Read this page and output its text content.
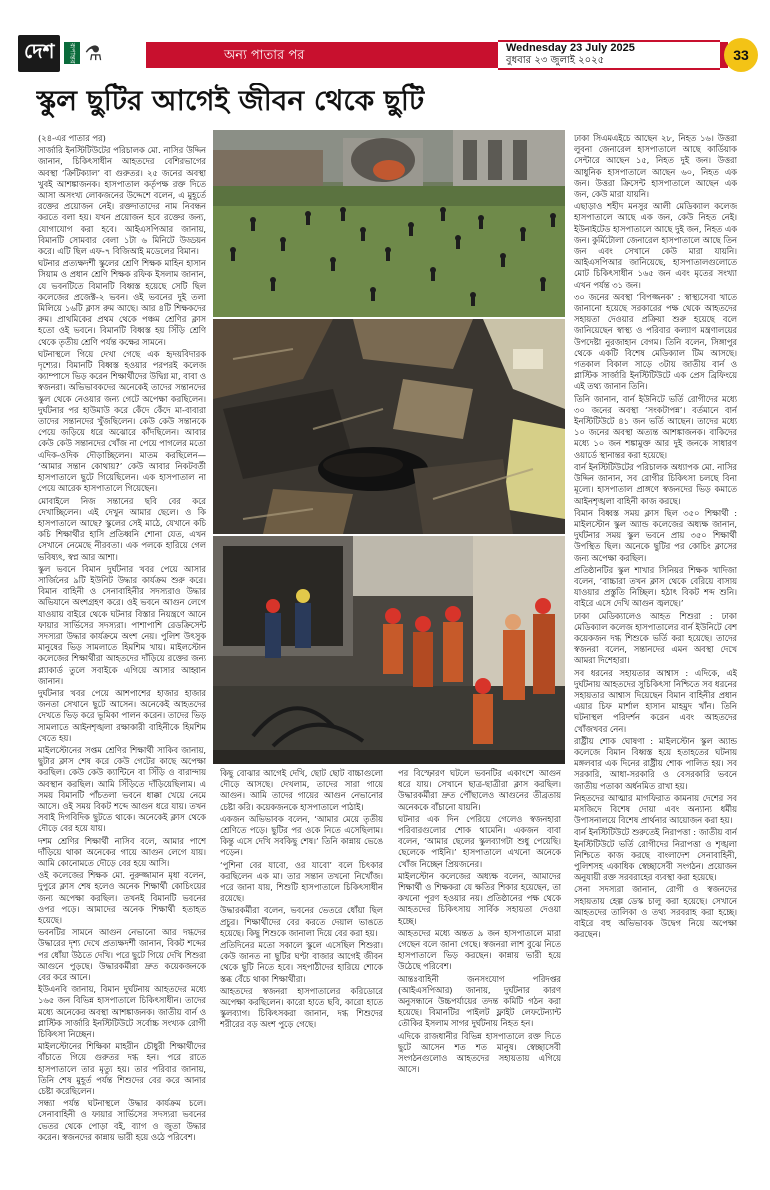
দেশ	রূপান্তর ⚗	অন্য পাতার পর	Wednesday 23 July 2025
বুধবার ২৩ জুলাই ২০২৫	33
স্কুল ছুটির আগেই জীবন থেকে ছুটি

(২৪-এর পাতার পর)

সার্জারি ইনস্টিটিউটের পরিচালক মো. নাসির উদ্দিন জানান, চিকিৎসাধীন আহতদের বেশিরভাগের অবস্থা ‘ক্রিটিক্যাল’ বা গুরুতর। ২৫ জনের অবস্থা খুবই আশঙ্কাজনক। হাসপাতাল কর্তৃপক্ষ রক্ত দিতে আসা অসংখ্য লোকজনের উদ্দেশে বলেন, এ মুহূর্তে রক্তের প্রয়োজন নেই। রক্তদাতাদের নাম নিবন্ধন করতে বলা হয়। যখন প্রয়োজন হবে রক্তের জন্য, যোগাযোগ করা হবে। আইএসপিআর জানায়, বিমানটি সোমবার বেলা ১টা ৬ মিনিটে উড্ডয়ন করে। এটি ছিল এফ-৭ বিজিআই মডেলের বিমান।

ঘটনার প্রত্যক্ষদর্শী স্কুলের শ্রেণি শিক্ষক মাহিন হাসান সিয়াম ও প্রধান শ্রেণি শিক্ষক রফিক ইসলাম জানান, যে ভবনটিতে বিমানটি বিধ্বস্ত হয়েছে সেটি ছিল কলেজের প্রজেক্ট-২ ভবন। ওই ভবনের দুই তলা মিলিয়ে ১৬টি ক্লাস রুম আছে। আর ৪টি শিক্ষকদের রুম। প্রাথমিকের প্রথম থেকে পঞ্চম শ্রেণির ক্লাস হতো ওই ভবনে। বিমানটি বিধ্বস্ত হয় সিঁড়ি শ্রেণি থেকে তৃতীয় শ্রেণি পর্যন্ত কক্ষের সামনে।

ঘটনাস্থলে গিয়ে দেখা গেছে এক হৃদয়বিদারক দৃশ্যের। বিমানটি বিধ্বস্ত হওয়ার পরপরই কলেজ ক্যাম্পাসে ভিড় করেন শিক্ষার্থীদের উদ্বিগ্ন মা, বাবা ও স্বজনরা। অভিভাবকদের অনেকেই তাদের সন্তানদের স্কুল থেকে নেওয়ার জন্য গেটে অপেক্ষা করছিলেন। দুর্ঘটনার পর হাউমাউ করে কেঁদে কেঁদে মা-বাবারা তাদের সন্তানদের খুঁজছিলেন। কেউ কেউ সন্তানকে পেয়ে জড়িয়ে ধরে অঝোরে কাঁদছিলেন। আবার কেউ কেউ সন্তানদের খোঁজ না পেয়ে পাগলের মতো এদিক-ওদিক দৌড়াচ্ছিলেন। মাতম করছিলেন— ‘আমার সন্তান কোথায়?’ কেউ আবার নিকটবর্তী হাসপাতালে ছুটে গিয়েছিলেন। এক হাসপাতাল না পেয়ে আরেক হাসপাতালে গিয়েছেন।

মোবাইলে নিজ সন্তানের ছবি বের করে দেখাচ্ছিলেন। এই দেখুন আমার ছেলে। ও কি হাসপাতালে আছে? স্কুলের সেই মাঠে, যেখানে কচি কচি শিক্ষার্থীর হাসি প্রতিধ্বনি শোনা যেত, এখন সেখানে নেমেছে নীরবতা। এক পলকে হারিয়ে গেল ভবিষ্যৎ, স্বপ্ন আর আশা।

স্কুল ভবনে বিমান দুর্ঘটনার খবর পেয়ে আসার সার্জিনের ৯টি ইউনিট উদ্ধার কার্যক্রম শুরু করে। বিমান বাহিনী ও সেনাবাহিনীর সদস্যরাও উদ্ধার অভিযানে অংশগ্রহণ করে। ওই ভবনে আগুন লেগে যাওয়ায় বাইরে থেকে ঘটনার বিস্তার নিয়ন্ত্রণে আনে ফায়ার সার্ভিসের সদস্যরা। পাশাপাশি রেডক্রিসেন্ট সদস্যরা উদ্ধার কার্যক্রমে অংশ নেয়। পুলিশ উৎসুক মানুষের ভিড় সামলাতে হিমশিম খায়। মাইলস্টোন কলেজের শিক্ষার্থীরা আহতদের দাঁড়িয়ে রক্তের জন্য প্ল্যাকার্ড তুলে সবাইকে এগিয়ে আসার আহ্বান জানান।

দুর্ঘটনার খবর পেয়ে আশপাশের হাজার হাজার জনতা সেখানে ছুটে আসেন। অনেকেই আহতদের দেখতে ভিড় করে ভূমিকা পালন করেন। তাদের ভিড় সামলাতে আইনশৃঙ্খলা রক্ষাকারী বাহিনীকে হিমশিম খেতে হয়।

মাইলস্টোনের সপ্তম শ্রেণির শিক্ষার্থী সাকিব জানায়, ছুটার ক্লাস শেষ করে কেউ গেটের কাছে অপেক্ষা করছিল। কেউ কেউ ক্যান্টিনে বা সিঁড়ি ও বারান্দায় অবস্থান করছিল। আমি সিঁড়িতে দাঁড়িয়েছিলাম। এ সময় বিমানটি পাঁচতলা ভবনে ধাক্কা খেয়ে নেমে আসে। ওই সময় বিকট শব্দে আগুন ধরে যায়। তখন সবাই দিগবিদিক ছুটতে থাকে। অনেকেই ক্লাস থেকে দৌড়ে বের হয়ে যায়।

দশম শ্রেণির শিক্ষার্থী নাসিব বলে, আমার পাশে দাঁড়িয়ে থাকা অনেকের গায়ে আগুন লেগে যায়। আমি কোনোমতে দৌড়ে বের হয়ে আসি।

ওই কলেজের শিক্ষক মো. নুরুজ্জামান মৃধা বলেন, দুপুরে ক্লাস শেষ হলেও অনেক শিক্ষার্থী কোচিংয়ের জন্য অপেক্ষা করছিল। তখনই বিমানটি ভবনের ওপর পড়ে। আমাদের অনেক শিক্ষার্থী হতাহত হয়েছে।

ভবনটির সামনে আগুন নেভানো আর দগ্ধদের উদ্ধারের দৃশ্য দেখে প্রত্যক্ষদর্শী জানান, বিকট শব্দের পর ধোঁয়া উঠতে দেখি। পরে ছুটে গিয়ে দেখি শিশুরা আগুনে পুড়ছে। উদ্ধারকর্মীরা দ্রুত কয়েকজনকে বের করে আনে।

ইউএনবি জানায়, বিমান দুর্ঘটনায় আহতদের মধ্যে ১৬৫ জন বিভিন্ন হাসপাতালে চিকিৎসাধীন। তাদের মধ্যে অনেকের অবস্থা আশঙ্কাজনক। জাতীয় বার্ন ও প্লাস্টিক সার্জারি ইনস্টিটিউটে সর্বোচ্চ সংখ্যক রোগী চিকিৎসা নিচ্ছেন।

মাইলস্টোনের শিক্ষিকা মাহরীন চৌধুরী শিক্ষার্থীদের বাঁচাতে গিয়ে গুরুতর দগ্ধ হন। পরে রাতে হাসপাতালে তার মৃত্যু হয়। তার পরিবার জানায়, তিনি শেষ মুহূর্ত পর্যন্ত শিশুদের বের করে আনার চেষ্টা করেছিলেন।

সন্ধ্যা পর্যন্ত ঘটনাস্থলে উদ্ধার কার্যক্রম চলে। সেনাবাহিনী ও ফায়ার সার্ভিসের সদস্যরা ভবনের ভেতর থেকে পোড়া বই, ব্যাগ ও জুতা উদ্ধার করেন। স্বজনদের কান্নায় ভারী হয়ে ওঠে পরিবেশ।

কিছু বোঝার আগেই দেখি, ছোট ছোট বাচ্চাগুলো দৌড়ে আসছে। দেখলাম, তাদের সারা গায়ে আগুন। আমি তাদের গায়ের আগুন নেভানোর চেষ্টা করি। কয়েকজনকে হাসপাতালে পাঠাই।

একজন অভিভাবক বলেন, ‘আমার মেয়ে তৃতীয় শ্রেণিতে পড়ে। ছুটির পর ওকে নিতে এসেছিলাম। কিন্তু এসে দেখি সবকিছু শেষ।’ তিনি কান্নায় ভেঙে পড়েন।

‘পুশিনা বের যাবো, ওর যাবো’ বলে চিৎকার করছিলেন এক মা। তার সন্তান তখনো নিখোঁজ। পরে জানা যায়, শিশুটি হাসপাতালে চিকিৎসাধীন রয়েছে।

উদ্ধারকর্মীরা বলেন, ভবনের ভেতরে ধোঁয়া ছিল প্রচুর। শিক্ষার্থীদের বের করতে দেয়াল ভাঙতে হয়েছে। কিছু শিশুকে জানালা দিয়ে বের করা হয়।

প্রতিদিনের মতো সকালে স্কুলে এসেছিল শিশুরা। কেউ জানত না ছুটির ঘণ্টা বাজার আগেই জীবন থেকে ছুটি নিতে হবে। সহপাঠীদের হারিয়ে শোকে স্তব্ধ বেঁচে থাকা শিক্ষার্থীরা।

আহতদের স্বজনরা হাসপাতালের করিডোরে অপেক্ষা করছিলেন। কারো হাতে ছবি, কারো হাতে স্কুলব্যাগ। চিকিৎসকরা জানান, দগ্ধ শিশুদের শরীরের বড় অংশ পুড়ে গেছে।

পর বিস্ফোরণ ঘটলে ভবনটির একাংশে আগুন ধরে যায়। সেখানে ছাত্র-ছাত্রীরা ক্লাস করছিল। উদ্ধারকর্মীরা দ্রুত পৌঁছালেও আগুনের তীব্রতায় অনেককে বাঁচানো যায়নি।

ঘটনার এক দিন পেরিয়ে গেলেও স্বজনহারা পরিবারগুলোর শোক থামেনি। একজন বাবা বলেন, ‘আমার ছেলের স্কুলব্যাগটা শুধু পেয়েছি। ছেলেকে পাইনি।’ হাসপাতালে এখনো অনেকে খোঁজ নিচ্ছেন প্রিয়জনের।

মাইলস্টোন কলেজের অধ্যক্ষ বলেন, আমাদের শিক্ষার্থী ও শিক্ষকরা যে ক্ষতির শিকার হয়েছেন, তা কখনো পূরণ হওয়ার নয়। প্রতিষ্ঠানের পক্ষ থেকে আহতদের চিকিৎসায় সার্বিক সহায়তা দেওয়া হচ্ছে।

আহতদের মধ্যে অন্তত ৯ জন হাসপাতালে মারা গেছেন বলে জানা গেছে। স্বজনরা লাশ বুঝে নিতে হাসপাতালে ভিড় করছেন। কান্নায় ভারী হয়ে উঠেছে পরিবেশ।

আন্তঃবাহিনী জনসংযোগ পরিদপ্তর (আইএসপিআর) জানায়, দুর্ঘটনার কারণ অনুসন্ধানে উচ্চপর্যায়ের তদন্ত কমিটি গঠন করা হয়েছে। বিমানটির পাইলট ফ্লাইট লেফটেন্যান্ট তৌকির ইসলাম সাগর দুর্ঘটনায় নিহত হন।

এদিকে রাজধানীর বিভিন্ন হাসপাতালে রক্ত দিতে ছুটে আসেন শত শত মানুষ। স্বেচ্ছাসেবী সংগঠনগুলোও আহতদের সহায়তায় এগিয়ে আসে।

ঢাকা সিএমএইচে আছেন ২৮, নিহত ১৬। উত্তরা লুবনা জেনারেল হাসপাতালে আছে কার্ডিয়াক সেন্টারে আছেন ১৫, নিহত দুই জন। উত্তরা আধুনিক হাসপাতালে আছেন ৬০, নিহত এক জন। উত্তরা ক্রিসেন্ট হাসপাতালে আছেন এক জন, কেউ মারা যায়নি।

এছাড়াও শহীদ মনসুর আলী মেডিক্যাল কলেজ হাসপাতালে আছে এক জন, কেউ নিহত নেই। ইউনাইটেড হাসপাতালে আছে দুই জন, নিহত এক জন। কুর্মিটোলা জেনারেল হাসপাতালে আছে তিন জন এবং সেখানে কেউ মারা যায়নি। আইএসপিআর জানিয়েছে, হাসপাতালগুলোতে মোট চিকিৎসাধীন ১৬৫ জন এবং মৃতের সংখ্যা এখন পর্যন্ত ৩১ জন।

৩০ জনের অবস্থা ‘বিপজ্জনক’ : স্বাস্থ্যসেবা খাতে জানানো হয়েছে সরকারের পক্ষ থেকে আহতদের সহায়তা দেওয়ার প্রক্রিয়া শুরু হয়েছে বলে জানিয়েছেন স্বাস্থ্য ও পরিবার কল্যাণ মন্ত্রণালয়ের উপদেষ্টা নুরজাহান বেগম। তিনি বলেন, সিঙ্গাপুর থেকে একটি বিশেষ মেডিক্যাল টিম আসছে। গতকাল বিকাল সাড়ে ৩টায় জাতীয় বার্ন ও প্লাস্টিক সার্জারি ইনস্টিটিউটে এক প্রেস ব্রিফিংয়ে এই তথ্য জানান তিনি।

তিনি জানান, বার্ন ইউনিটে ভর্তি রোগীদের মধ্যে ৩০ জনের অবস্থা ‘সংকটাপন্ন’। বর্তমানে বার্ন ইনস্টিটিউটে ৪১ জন ভর্তি আছেন। তাদের মধ্যে ১০ জনের অবস্থা অত্যন্ত আশঙ্কাজনক। বাকিদের মধ্যে ১০ জন শঙ্কামুক্ত আর দুই জনকে সাধারণ ওয়ার্ডে স্থানান্তর করা হয়েছে।

বার্ন ইনস্টিটিউটের পরিচালক অধ্যাপক মো. নাসির উদ্দিন জানান, সব রোগীর চিকিৎসা চলছে বিনা মূল্যে। হাসপাতাল প্রাঙ্গণে স্বজনদের ভিড় কমাতে আইনশৃঙ্খলা বাহিনী কাজ করছে।

বিমান বিধ্বস্ত সময় ক্লাস ছিল ৩৫০ শিক্ষার্থী : মাইলস্টোন স্কুল অ্যান্ড কলেজের অধ্যক্ষ জানান, দুর্ঘটনার সময় স্কুল ভবনে প্রায় ৩৫০ শিক্ষার্থী উপস্থিত ছিল। অনেকে ছুটির পর কোচিং ক্লাসের জন্য অপেক্ষা করছিল।

প্রতিষ্ঠানটির স্কুল শাখার সিনিয়র শিক্ষক খাদিজা বলেন, ‘বাচ্চারা তখন ক্লাস থেকে বেরিয়ে বাসায় যাওয়ার প্রস্তুতি নিচ্ছিল। হঠাৎ বিকট শব্দ শুনি। বাইরে এসে দেখি আগুন জ্বলছে।’

ঢাকা মেডিক্যালেও আহত শিশুরা : ঢাকা মেডিক্যাল কলেজ হাসপাতালের বার্ন ইউনিটে বেশ কয়েকজন দগ্ধ শিশুকে ভর্তি করা হয়েছে। তাদের স্বজনরা বলেন, সন্তানদের এমন অবস্থা দেখে আমরা দিশেহারা।

সব ধরনের সহায়তার আশ্বাস : এদিকে, এই দুর্ঘটনায় আহতদের সুচিকিৎসা নিশ্চিতে সব ধরনের সহায়তার আশ্বাস দিয়েছেন বিমান বাহিনীর প্রধান এয়ার চিফ মার্শাল হাসান মাহমুদ খাঁন। তিনি ঘটনাস্থল পরিদর্শন করেন এবং আহতদের খোঁজখবর নেন।

রাষ্ট্রীয় শোক ঘোষণা : মাইলস্টোন স্কুল অ্যান্ড কলেজে বিমান বিধ্বস্ত হয়ে হতাহতের ঘটনায় মঙ্গলবার এক দিনের রাষ্ট্রীয় শোক পালিত হয়। সব সরকারি, আধা-সরকারি ও বেসরকারি ভবনে জাতীয় পতাকা অর্ধনমিত রাখা হয়।

নিহতদের আত্মার মাগফিরাত কামনায় দেশের সব মসজিদে বিশেষ দোয়া এবং অন্যান্য ধর্মীয় উপাসনালয়ে বিশেষ প্রার্থনার আয়োজন করা হয়।

বার্ন ইনস্টিটিউটে শুরুতেই নিরাপত্তা : জাতীয় বার্ন ইনস্টিটিউটে ভর্তি রোগীদের নিরাপত্তা ও শৃঙ্খলা নিশ্চিতে কাজ করছে বাংলাদেশ সেনাবাহিনী, পুলিশসহ একাধিক স্বেচ্ছাসেবী সংগঠন। প্রয়োজন অনুযায়ী রক্ত সরবরাহের ব্যবস্থা করা হয়েছে।

সেনা সদস্যরা জানান, রোগী ও স্বজনদের সহায়তায় হেল্প ডেস্ক চালু করা হয়েছে। সেখানে আহতদের তালিকা ও তথ্য সরবরাহ করা হচ্ছে। বাইরে বহু অভিভাবক উদ্বেগ নিয়ে অপেক্ষা করছেন।
